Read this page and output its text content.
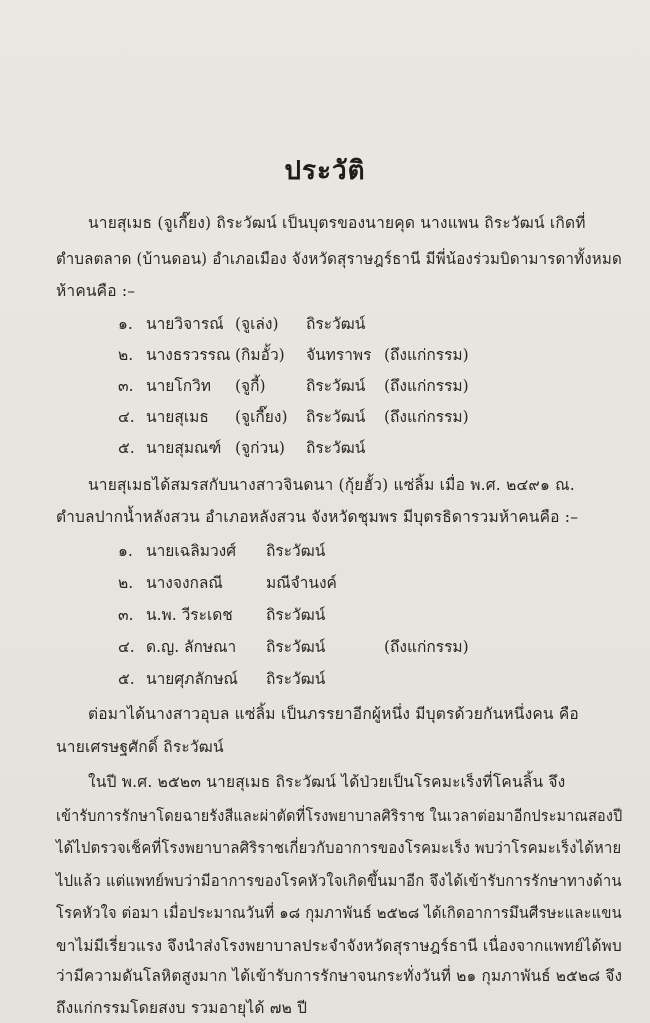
ประวัติ
นายสุเมธ (จูเกี๊ยง) ถิระวัฒน์ เป็นบุตรของนายคุด นางแพน ถิระวัฒน์ เกิดที่
ตำบลตลาด (บ้านดอน) อำเภอเมือง จังหวัดสุราษฎร์ธานี มีพี่น้องร่วมบิดามารดาทั้งหมด
ห้าคนคือ :–
๑. นายวิจารณ์ (จูเล่ง) ถิระวัฒน์
๒. นางธรวรรณ (กิมอั้ว) จันทราพร (ถึงแก่กรรม)
๓. นายโกวิท (จูกี้)	ถิระวัฒน์ (ถึงแก่กรรม)
๔. นายสุเมธ (จูเกี๊ยง) ถิระวัฒน์ (ถึงแก่กรรม)
๕. นายสุมณฑ์ (จูก่วน) ถิระวัฒน์
นายสุเมธได้สมรสกับนางสาวจินดนา (กุ้ยฮั้ว) แซ่ลิ้ม เมื่อ พ.ศ. ๒๔๙๑ ณ.
ตำบลปากน้ำหลังสวน อำเภอหลังสวน จังหวัดชุมพร มีบุตรธิดารวมห้าคนคือ :–
๑. นายเฉลิมวงศ์ ถิระวัฒน์
๒. นางจงกลณี	มณีจำนงค์
๓. น.พ. วีระเดช ถิระวัฒน์
๔. ด.ญ. ลักษณา ถิระวัฒน์	(ถึงแก่กรรม)
๕. นายศุภลักษณ์ ถิระวัฒน์
ต่อมาได้นางสาวอุบล แซ่ลิ้ม เป็นภรรยาอีกผู้หนึ่ง มีบุตรด้วยกันหนึ่งคน คือ
นายเศรษฐศักดิ์ ถิระวัฒน์
ในปี พ.ศ. ๒๕๒๓ นายสุเมธ ถิระวัฒน์ ได้ป่วยเป็นโรคมะเร็งที่โคนลิ้น จึง
เข้ารับการรักษาโดยฉายรังสีและผ่าตัดที่โรงพยาบาลศิริราช ในเวลาต่อมาอีกประมาณสองปี
ได้ไปตรวจเช็คที่โรงพยาบาลศิริราชเกี่ยวกับอาการของโรคมะเร็ง พบว่าโรคมะเร็งได้หาย
ไปแล้ว แต่แพทย์พบว่ามีอาการของโรคหัวใจเกิดขึ้นมาอีก จึงได้เข้ารับการรักษาทางด้าน
โรคหัวใจ ต่อมา เมื่อประมาณวันที่ ๑๘ กุมภาพันธ์ ๒๕๒๘ ได้เกิดอาการมึนศีรษะและแขน
ขาไม่มีเรี่ยวแรง จึงนำส่งโรงพยาบาลประจำจังหวัดสุราษฎร์ธานี เนื่องจากแพทย์ได้พบ
ว่ามีความดันโลหิตสูงมาก ได้เข้ารับการรักษาจนกระทั่งวันที่ ๒๑ กุมภาพันธ์ ๒๕๒๘ จึง
ถึงแก่กรรมโดยสงบ รวมอายุได้ ๗๒ ปี
